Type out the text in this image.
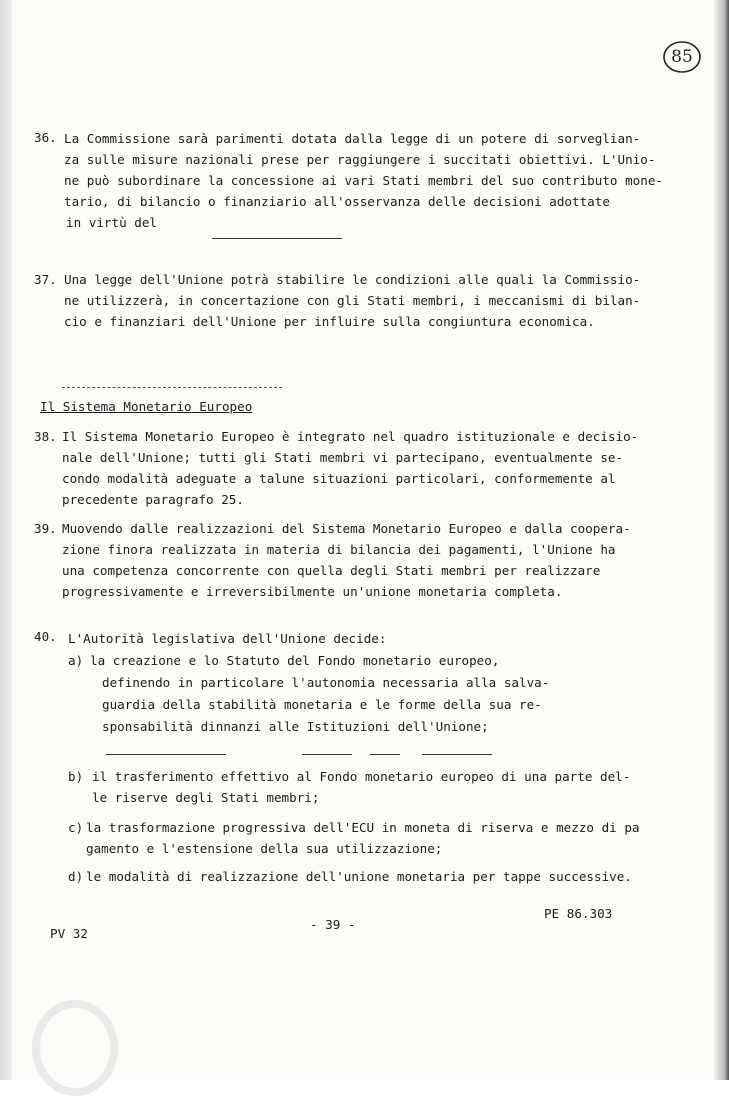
85
36. La Commissione sarà parimenti dotata dalla legge di un potere di sorveglian-
za sulle misure nazionali prese per raggiungere i succitati obiettivi. L'Unio-
ne può subordinare la concessione ai vari Stati membri del suo contributo mone-
tario, di bilancio o finanziario all'osservanza delle decisioni adottate
in virtù del
37. Una legge dell'Unione potrà stabilire le condizioni alle quali la Commissio-
ne utilizzerà, in concertazione con gli Stati membri, i meccanismi di bilan-
cio e finanziari dell'Unione per influire sulla congiuntura economica.
Il Sistema Monetario Europeo
38. Il Sistema Monetario Europeo è integrato nel quadro istituzionale e decisio-
nale dell'Unione; tutti gli Stati membri vi partecipano, eventualmente se-
condo modalità adeguate a talune situazioni particolari, conformemente al
precedente paragrafo 25.
39. Muovendo dalle realizzazioni del Sistema Monetario Europeo e dalla coopera-
zione finora realizzata in materia di bilancia dei pagamenti, l'Unione ha
una competenza concorrente con quella degli Stati membri per realizzare
progressivamente e irreversibilmente un'unione monetaria completa.
40. L'Autorità legislativa dell'Unione decide:
a) la creazione e lo Statuto del Fondo monetario europeo,
definendo in particolare l'autonomia necessaria alla salva-
guardia della stabilità monetaria e le forme della sua re-
sponsabilità dinnanzi alle Istituzioni dell'Unione;
b) il trasferimento effettivo al Fondo monetario europeo di una parte del-
le riserve degli Stati membri;
c) la trasformazione progressiva dell'ECU in moneta di riserva e mezzo di pa
gamento e l'estensione della sua utilizzazione;
d) le modalità di realizzazione dell'unione monetaria per tappe successive.
- 39 -
PE 86.303
PV 32
